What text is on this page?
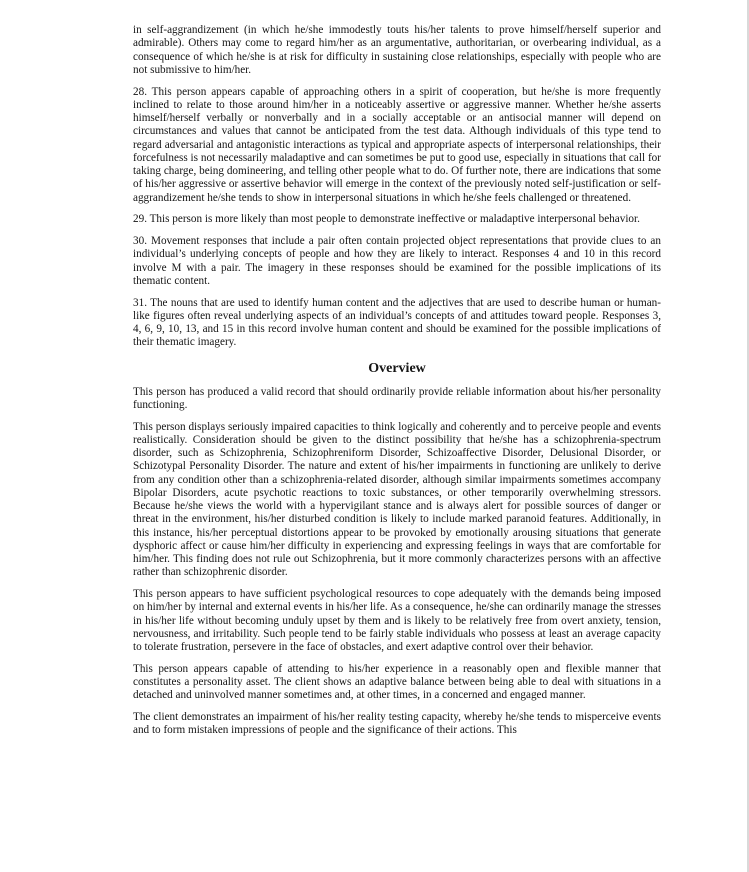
in self-aggrandizement (in which he/she immodestly touts his/her talents to prove himself/herself superior and admirable). Others may come to regard him/her as an argumentative, authoritarian, or overbearing individual, as a consequence of which he/she is at risk for difficulty in sustaining close relationships, especially with people who are not submissive to him/her.

28. This person appears capable of approaching others in a spirit of cooperation, but he/she is more frequently inclined to relate to those around him/her in a noticeably assertive or aggressive manner. Whether he/she asserts himself/herself verbally or nonverbally and in a socially acceptable or an antisocial manner will depend on circumstances and values that cannot be anticipated from the test data. Although individuals of this type tend to regard adversarial and antagonistic interactions as typical and appropriate aspects of interpersonal relationships, their forcefulness is not necessarily maladaptive and can sometimes be put to good use, especially in situations that call for taking charge, being domineering, and telling other people what to do. Of further note, there are indications that some of his/her aggressive or assertive behavior will emerge in the context of the previously noted self-justification or self-aggrandizement he/she tends to show in interpersonal situations in which he/she feels challenged or threatened.

29. This person is more likely than most people to demonstrate ineffective or maladaptive interpersonal behavior.

30. Movement responses that include a pair often contain projected object representations that provide clues to an individual’s underlying concepts of people and how they are likely to interact. Responses 4 and 10 in this record involve M with a pair. The imagery in these responses should be examined for the possible implications of its thematic content.

31. The nouns that are used to identify human content and the adjectives that are used to describe human or human-like figures often reveal underlying aspects of an individual’s concepts of and attitudes toward people. Responses 3, 4, 6, 9, 10, 13, and 15 in this record involve human content and should be examined for the possible implications of their thematic imagery.

Overview

This person has produced a valid record that should ordinarily provide reliable information about his/her personality functioning.

This person displays seriously impaired capacities to think logically and coherently and to perceive people and events realistically. Consideration should be given to the distinct possibility that he/she has a schizophrenia-spectrum disorder, such as Schizophrenia, Schizophreniform Disorder, Schizoaffective Disorder, Delusional Disorder, or Schizotypal Personality Disorder. The nature and extent of his/her impairments in functioning are unlikely to derive from any condition other than a schizophrenia-related disorder, although similar impairments sometimes accompany Bipolar Disorders, acute psychotic reactions to toxic substances, or other temporarily overwhelming stressors. Because he/she views the world with a hypervigilant stance and is always alert for possible sources of danger or threat in the environment, his/her disturbed condition is likely to include marked paranoid features. Additionally, in this instance, his/her perceptual distortions appear to be provoked by emotionally arousing situations that generate dysphoric affect or cause him/her difficulty in experiencing and expressing feelings in ways that are comfortable for him/her. This finding does not rule out Schizophrenia, but it more commonly characterizes persons with an affective rather than schizophrenic disorder.

This person appears to have sufficient psychological resources to cope adequately with the demands being imposed on him/her by internal and external events in his/her life. As a consequence, he/she can ordinarily manage the stresses in his/her life without becoming unduly upset by them and is likely to be relatively free from overt anxiety, tension, nervousness, and irritability. Such people tend to be fairly stable individuals who possess at least an average capacity to tolerate frustration, persevere in the face of obstacles, and exert adaptive control over their behavior.

This person appears capable of attending to his/her experience in a reasonably open and flexible manner that constitutes a personality asset. The client shows an adaptive balance between being able to deal with situations in a detached and uninvolved manner sometimes and, at other times, in a concerned and engaged manner.

The client demonstrates an impairment of his/her reality testing capacity, whereby he/she tends to misperceive events and to form mistaken impressions of people and the significance of their actions. This
